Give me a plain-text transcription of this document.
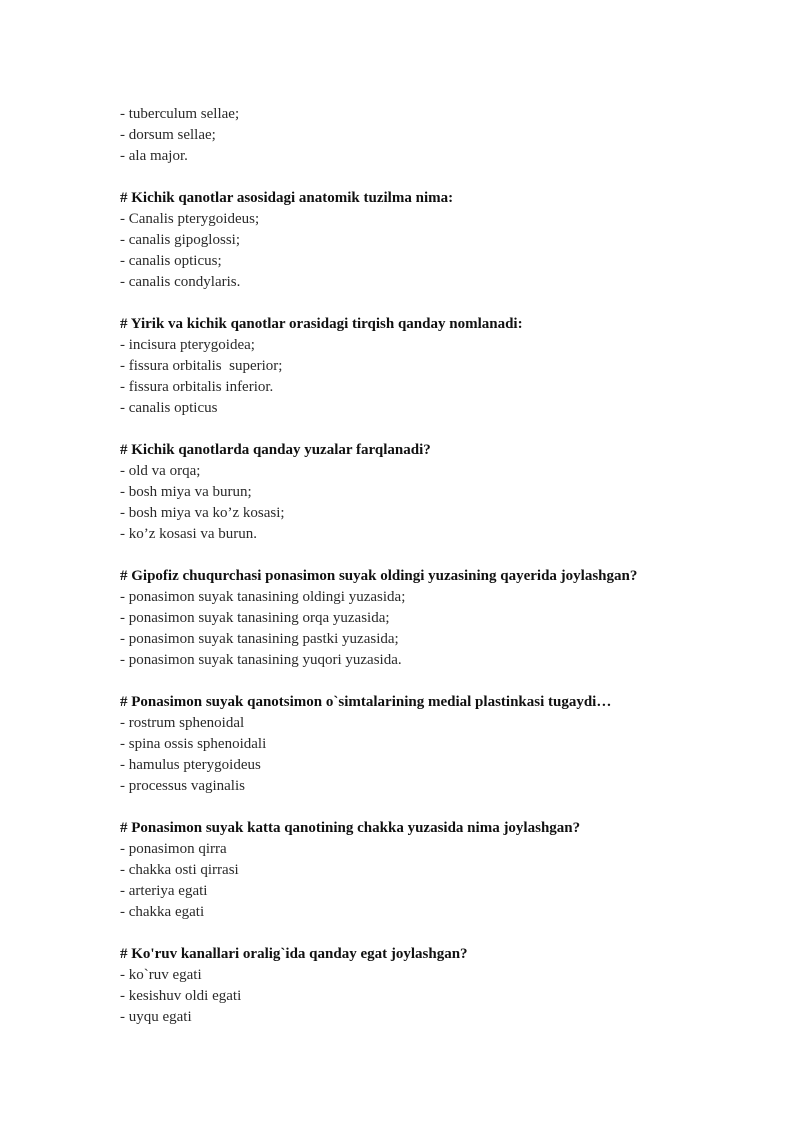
- tuberculum sellae;
- dorsum sellae;
- ala major.
# Kichik qanotlar asosidagi anatomik tuzilma nima:
- Canalis pterygoideus;
- canalis gipoglossi;
- canalis opticus;
- canalis condylaris.
# Yirik va kichik qanotlar orasidagi tirqish qanday nomlanadi:
- incisura pterygoidea;
- fissura orbitalis  superior;
- fissura orbitalis inferior.
- canalis opticus
# Kichik qanotlarda qanday yuzalar farqlanadi?
- old va orqa;
- bosh miya va burun;
- bosh miya va ko’z kosasi;
- ko’z kosasi va burun.
# Gipofiz chuqurchasi ponasimon suyak oldingi yuzasining qayerida joylashgan?
- ponasimon suyak tanasining oldingi yuzasida;
- ponasimon suyak tanasining orqa yuzasida;
- ponasimon suyak tanasining pastki yuzasida;
- ponasimon suyak tanasining yuqori yuzasida.
# Ponasimon suyak qanotsimon o`simtalarining medial plastinkasi tugaydi…
- rostrum sphenoidal
- spina ossis sphenoidali
- hamulus pterygoideus
- processus vaginalis
# Ponasimon suyak katta qanotining chakka yuzasida nima joylashgan?
- ponasimon qirra
- chakka osti qirrasi
- arteriya egati
- chakka egati
# Ko'ruv kanallari oralig`ida qanday egat joylashgan?
- ko`ruv egati
- kesishuv oldi egati
- uyqu egati
